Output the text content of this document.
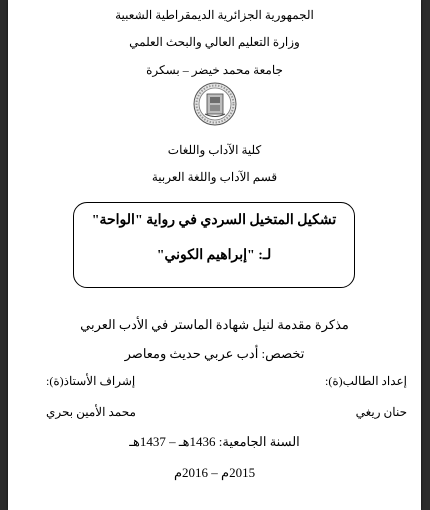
الجمهورية الجزائرية الديمقراطية الشعبية
وزارة التعليم العالي والبحث العلمي
جامعة محمد خيضر – بسكرة
كلية الآداب واللغات
قسم الآداب واللغة العربية
تشكيل المتخيل السردي في رواية "الواحة"
لـ: "إبراهيم الكوني"
مذكرة مقدمة لنيل شهادة الماستر في الأدب العربي
تخصص: أدب عربي حديث ومعاصر
إعداد الطالب(ة):
إشراف الأستاذ(ة):
حنان ريغي
محمد الأمين بحري
السنة الجامعية: 1436هـ – 1437هـ
2015م – 2016م
